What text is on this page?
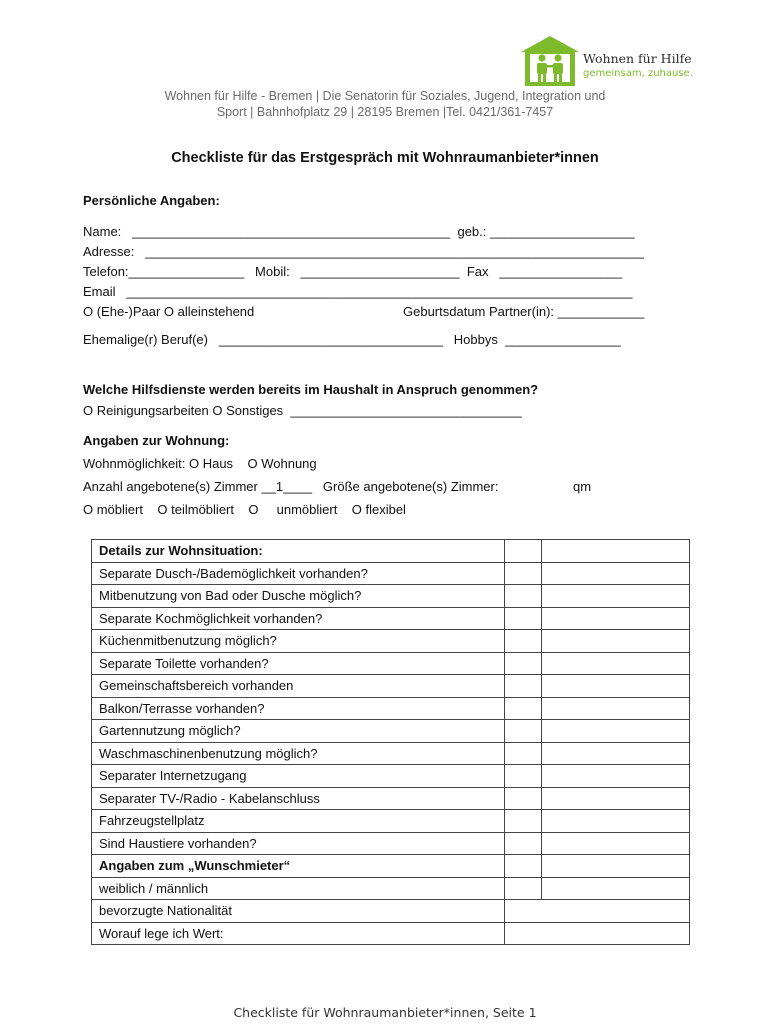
Wohnen für Hilfe
gemeinsam, zuhause.
Wohnen für Hilfe - Bremen | Die Senatorin für Soziales, Jugend, Integration und
Sport | Bahnhofplatz 29 | 28195 Bremen |Tel. 0421/361-7457
Checkliste für das Erstgespräch mit Wohnraumanbieter*innen
Persönliche Angaben:
Name:   ____________________________________________  geb.: ____________________
Adresse:   _____________________________________________________________________
Telefon:________________   Mobil:   ______________________  Fax   _________________
Email   ______________________________________________________________________
O (Ehe-)Paar O alleinstehend	Geburtsdatum Partner(in): ____________
Ehemalige(r) Beruf(e)   _______________________________   Hobbys  ________________
Welche Hilfsdienste werden bereits im Haushalt in Anspruch genommen?
O Reinigungsarbeiten O Sonstiges  ________________________________
Angaben zur Wohnung:
Wohnmöglichkeit: O Haus    O Wohnung
Anzahl angebotene(s) Zimmer __1____   Größe angebotene(s) Zimmer:	qm
O möbliert    O teilmöbliert    O     unmöbliert    O flexibel
Details zur Wohnsituation:		
Separate Dusch-/Bademöglichkeit vorhanden?		
Mitbenutzung von Bad oder Dusche möglich?		
Separate Kochmöglichkeit vorhanden?		
Küchenmitbenutzung möglich?		
Separate Toilette vorhanden?		
Gemeinschaftsbereich vorhanden		
Balkon/Terrasse vorhanden?		
Gartennutzung möglich?		
Waschmaschinenbenutzung möglich?		
Separater Internetzugang		
Separater TV-/Radio - Kabelanschluss		
Fahrzeugstellplatz		
Sind Haustiere vorhanden?		
Angaben zum „Wunschmieter“		
weiblich / männlich		
bevorzugte Nationalität		
Worauf lege ich Wert:		
Checkliste für Wohnraumanbieter*innen, Seite 1
